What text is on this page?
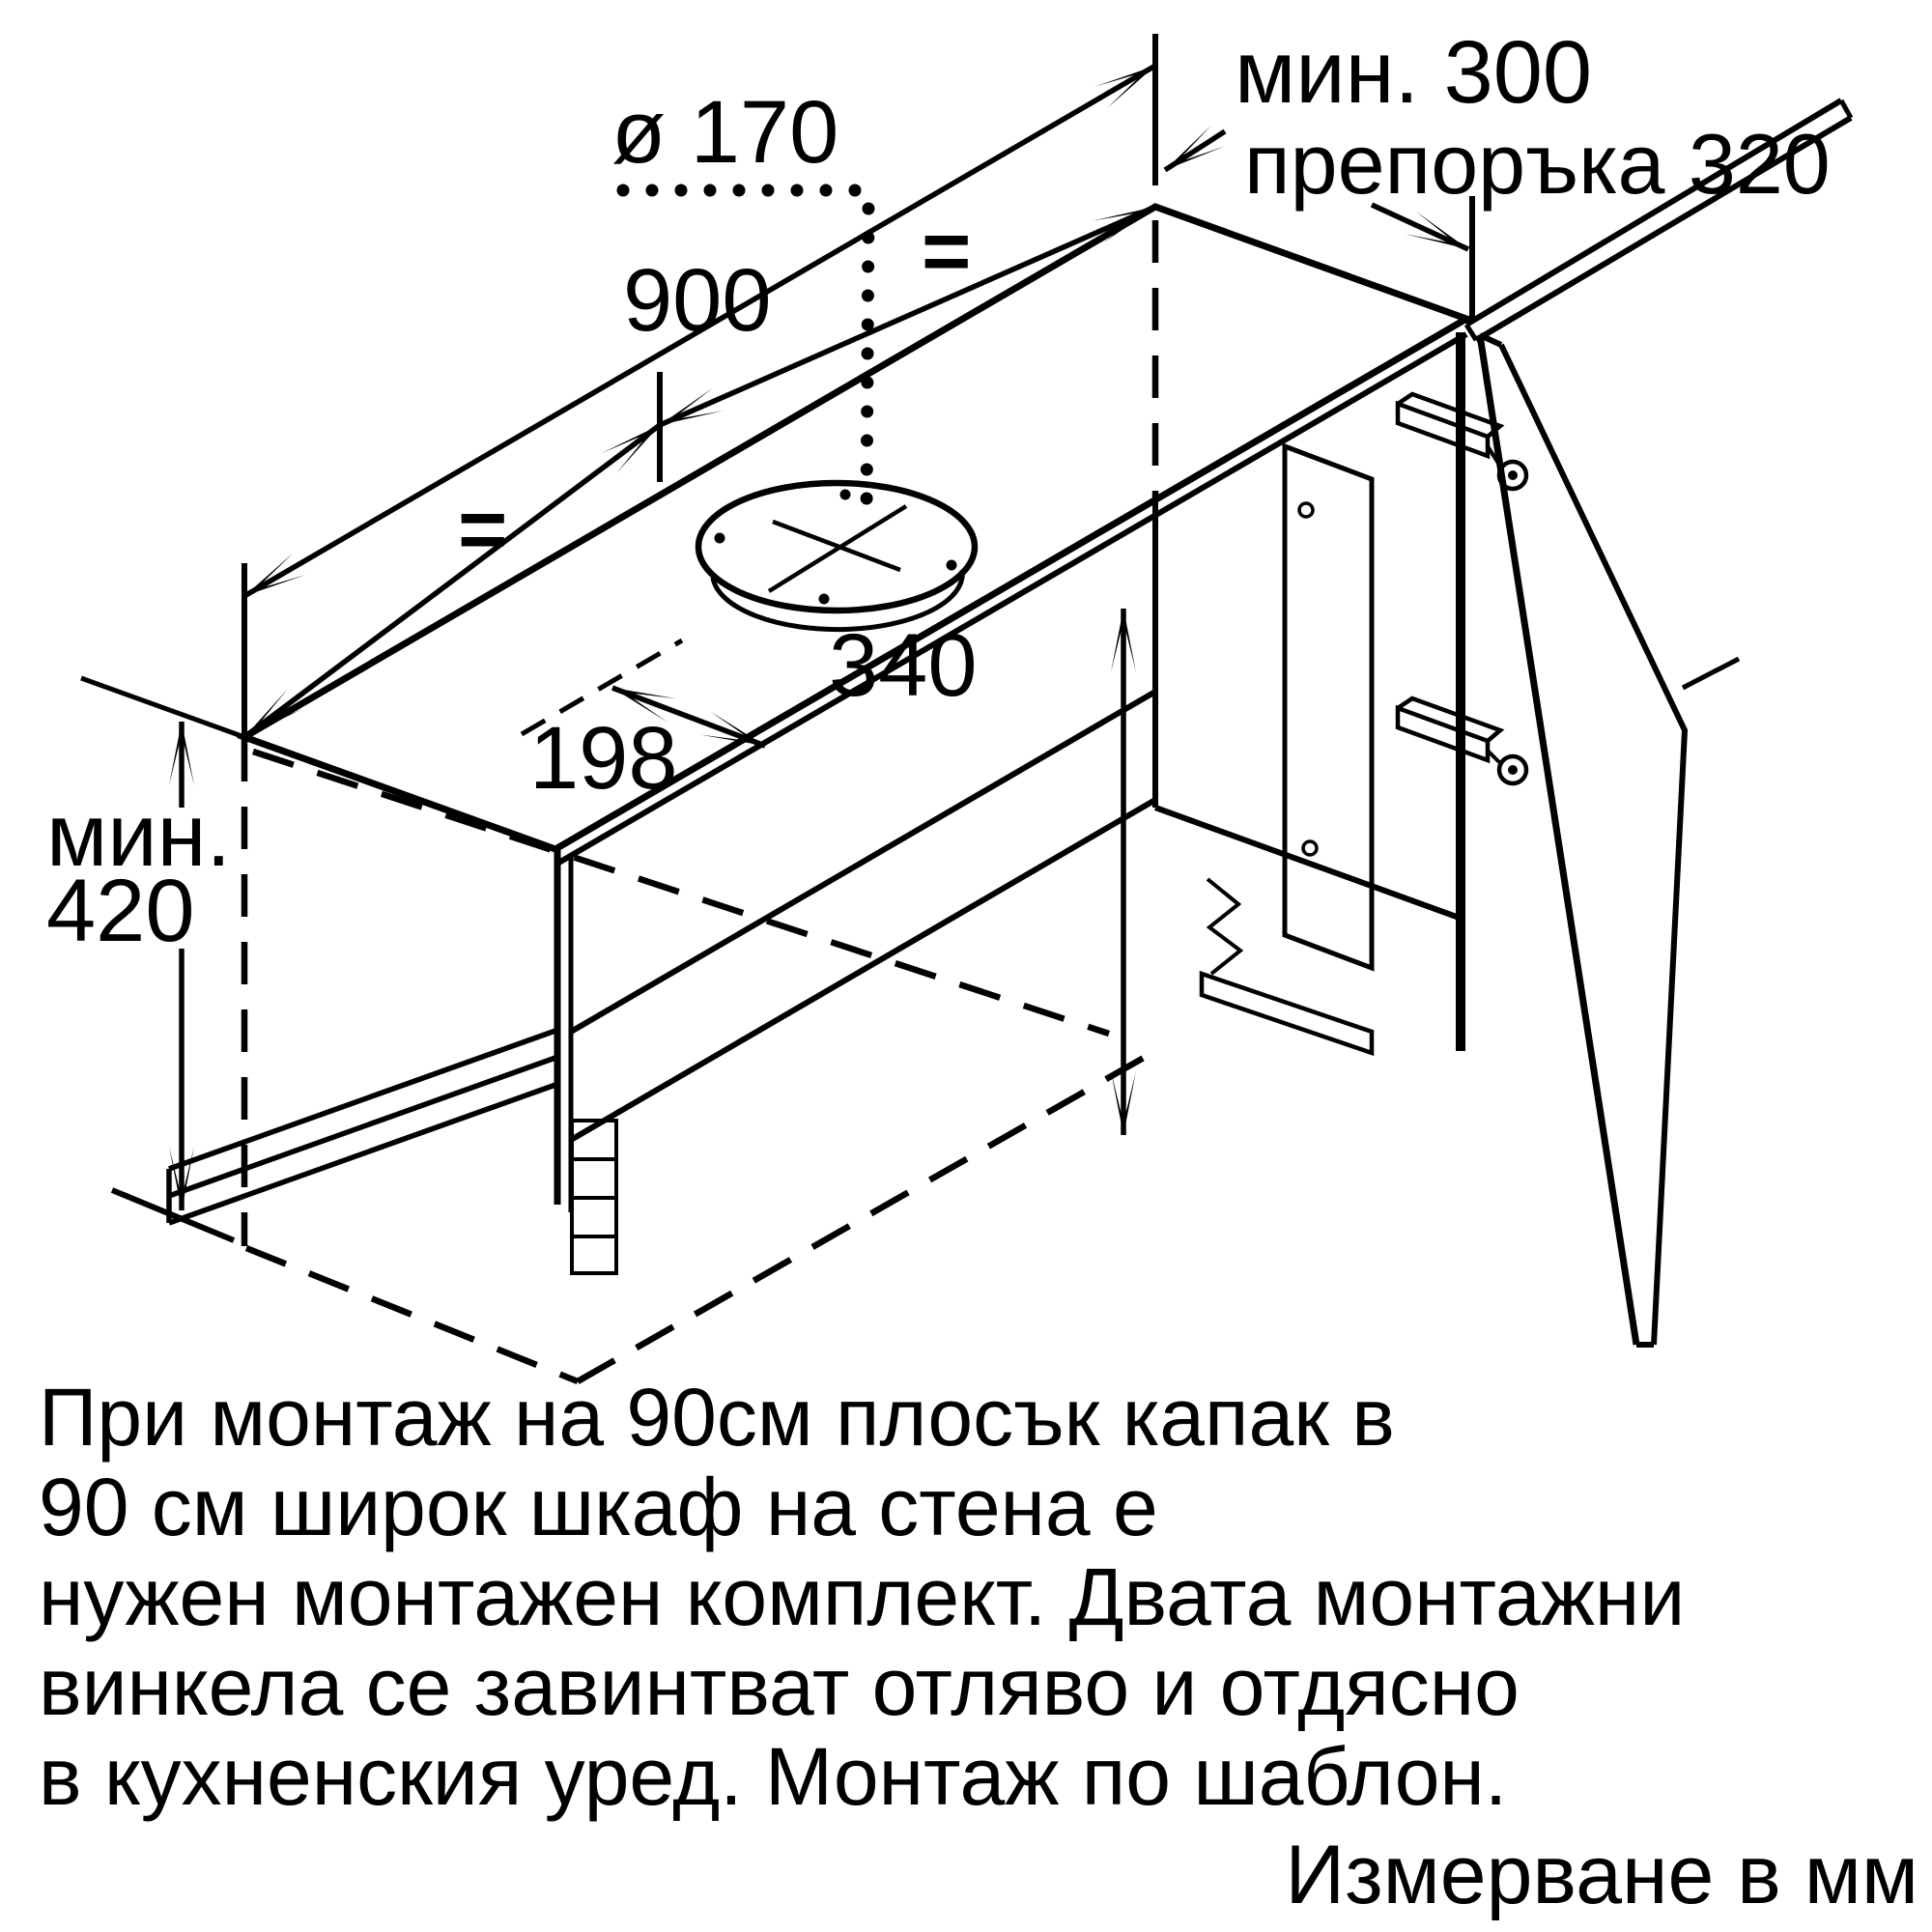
ø 170
900
=
=
мин. 300
препоръка 320
198
340
мин.
420
При монтаж на 90см плосък капак в
90 см широк шкаф на стена е
нужен монтажен комплект. Двата монтажни
винкела се завинтват отляво и отдясно
в кухненския уред. Монтаж по шаблон.
Измерване в мм
